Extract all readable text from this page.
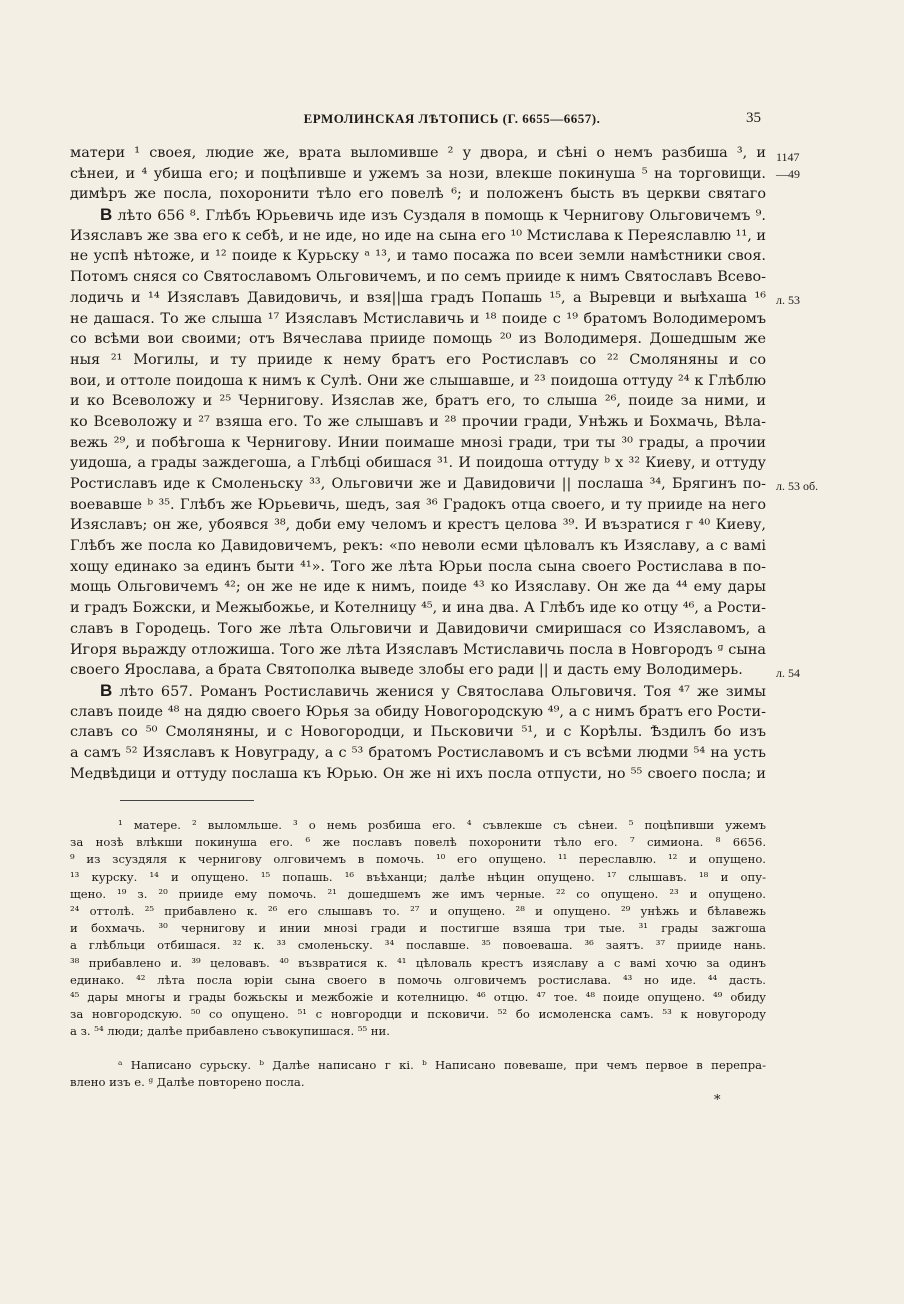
ЕРМОЛИНСКАЯ ЛѢТОПИСЬ (Г. 6655—6657).	35
1147
—49
л. 53
л. 53 об.
л. 54
матери ¹ своея, людие же, врата выломивше ² у двора, и сѣні о немъ разбиша ³, и
сѣнеи, и ⁴ убиша его; и поцѣпивше и ужемъ за нози, влекше покинуша ⁵ на торговищи.
димѣръ же посла, похоронити тѣло его повелѣ ⁶; и положенъ бысть въ церкви святаго
В лѣто 656 ⁸. Глѣбъ Юрьевичь иде изъ Суздаля в помощь к Чернигову Ольговичемъ ⁹.
Изяславъ же зва его к себѣ, и не иде, но иде на сына его ¹⁰ Мстислава к Переяславлю ¹¹, и
не успѣ нѣтоже, и ¹² поиде к Курьску ᵃ ¹³, и тамо посажа по всеи земли намѣстники своя.
Потомъ сняся со Святославомъ Ольговичемъ, и по семъ прииде к нимъ Святославъ Всево-
лодичь и ¹⁴ Изяславъ Давидовичь, и взя||ша градъ Попашь ¹⁵, а Выревци и выѣхаша ¹⁶
не дашася. То же слыша ¹⁷ Изяславъ Мстиславичь и ¹⁸ поиде с ¹⁹ братомъ Володимеромъ
со всѣми вои своими; отъ Вячеслава прииде помощь ²⁰ из Володимеря. Дошедшым же
ныя ²¹ Могилы, и ту прииде к нему братъ его Ростиславъ со ²² Смоляняны и со
вои, и оттоле поидоша к нимъ к Сулѣ. Они же слышавше, и ²³ поидоша оттуду ²⁴ к Глѣблю
и ко Всеволожу и ²⁵ Чернигову. Изяслав же, братъ его, то слыша ²⁶, поиде за ними, и
ко Всеволожу и ²⁷ взяша его. То же слышавъ и ²⁸ прочии гради, Унѣжь и Бохмачь, Вѣла-
вежь ²⁹, и побѣгоша к Чернигову. Инии поимаше мнозі гради, три ты ³⁰ грады, а прочии
уидоша, а грады заждегоша, а Глѣбці обишася ³¹. И поидоша оттуду ᵇ х ³² Киеву, и оттуду
Ростиславъ иде к Смоленьску ³³, Ольговичи же и Давидовичи || послаша ³⁴, Брягинъ по-
воевавше ᵇ ³⁵. Глѣбъ же Юрьевичь, шедъ, зая ³⁶ Градокъ отца своего, и ту прииде на него
Изяславъ; он же, убоявся ³⁸, доби ему челомъ и крестъ целова ³⁹. И възратися г ⁴⁰ Киеву,
Глѣбъ же посла ко Давидовичемъ, рекъ: «по неволи есми цѣловалъ къ Изяславу, а с вамі
хощу единако за единъ быти ⁴¹». Того же лѣта Юрьи посла сына своего Ростислава в по-
мощь Ольговичемъ ⁴²; он же не иде к нимъ, поиде ⁴³ ко Изяславу. Он же да ⁴⁴ ему дары
и градъ Божски, и Межыбожье, и Котелницу ⁴⁵, и ина два. А Глѣбъ иде ко отцу ⁴⁶, а Рости-
славъ в Городець. Того же лѣта Ольговичи и Давидовичи смиришася со Изяславомъ, а
Игоря вьражду отложиша. Того же лѣта Изяславъ Мстиславичь посла в Новгородъ ᵍ сына
своего Ярослава, а брата Святополка выведе злобы его ради || и дасть ему Володимерь.
В лѣто 657. Романъ Ростиславичь женися у Святослава Ольговичя. Тоя ⁴⁷ же зимы
славъ поиде ⁴⁸ на дядю своего Юрья за обиду Новогородскую ⁴⁹, а с нимъ братъ его Рости-
славъ со ⁵⁰ Смоляняны, и с Новогородци, и Пьсковичи ⁵¹, и с Корѣлы. Ѣздилъ бо изъ
а самъ ⁵² Изяславъ к Новуграду, а с ⁵³ братомъ Ростиславомъ и съ всѣми людми ⁵⁴ на усть
Медвѣдици и оттуду послаша къ Юрью. Он же ні ихъ посла отпусти, но ⁵⁵ своего посла; и
¹ матере. ² выломльше. ³ о немь розбиша его. ⁴ съвлекше съ сѣнеи. ⁵ поцѣпивши ужемъ
за нозѣ влѣкши покинуша его. ⁶ же пославъ повелѣ похоронити тѣло его. ⁷ симиона. ⁸ 6656.
⁹ из зсуздяля к чернигову олговичемъ в помочь. ¹⁰ его опущено. ¹¹ переславлю. ¹² и опущено.
¹³ курску. ¹⁴ и опущено. ¹⁵ попашь. ¹⁶ въѣханци; далѣе нѣцин опущено. ¹⁷ слышавъ. ¹⁸ и опу-
щено. ¹⁹ з. ²⁰ прииде ему помочь. ²¹ дошедшемъ же имъ черные. ²² со опущено. ²³ и опущено.
²⁴ оттолѣ. ²⁵ прибавлено к. ²⁶ его слышавъ то. ²⁷ и опущено. ²⁸ и опущено. ²⁹ унѣжь и бѣлавежь
и бохмачь. ³⁰ чернигову и инии мнозі гради и постигше взяша три тые. ³¹ грады зажгоша
а глѣбльци отбишася. ³² к. ³³ смоленьску. ³⁴ пославше. ³⁵ повоеваша. ³⁶ заятъ. ³⁷ прииде нань.
³⁸ прибавлено и. ³⁹ целовавъ. ⁴⁰ възвратися к. ⁴¹ цѣловаль крестъ изяславу а с вамі хочю за одинъ
единако. ⁴² лѣта посла юріи сына своего в помочь олговичемъ ростислава. ⁴³ но иде. ⁴⁴ дасть.
⁴⁵ дары многы и грады божьскы и межбожіе и котелницю. ⁴⁶ отцю. ⁴⁷ тое. ⁴⁸ поиде опущено. ⁴⁹ обиду
за новгородскую. ⁵⁰ со опущено. ⁵¹ с новгородци и псковичи. ⁵² бо исмоленска самъ. ⁵³ к новугороду
а з. ⁵⁴ люди; далѣе прибавлено съвокупишася. ⁵⁵ ни.
ᵃ Написано сурьску. ᵇ Далѣе написано г кі. ᵇ Написано повеваше, при чемъ первое в перепра-
влено изъ е. ᵍ Далѣе повторено посла.
*
